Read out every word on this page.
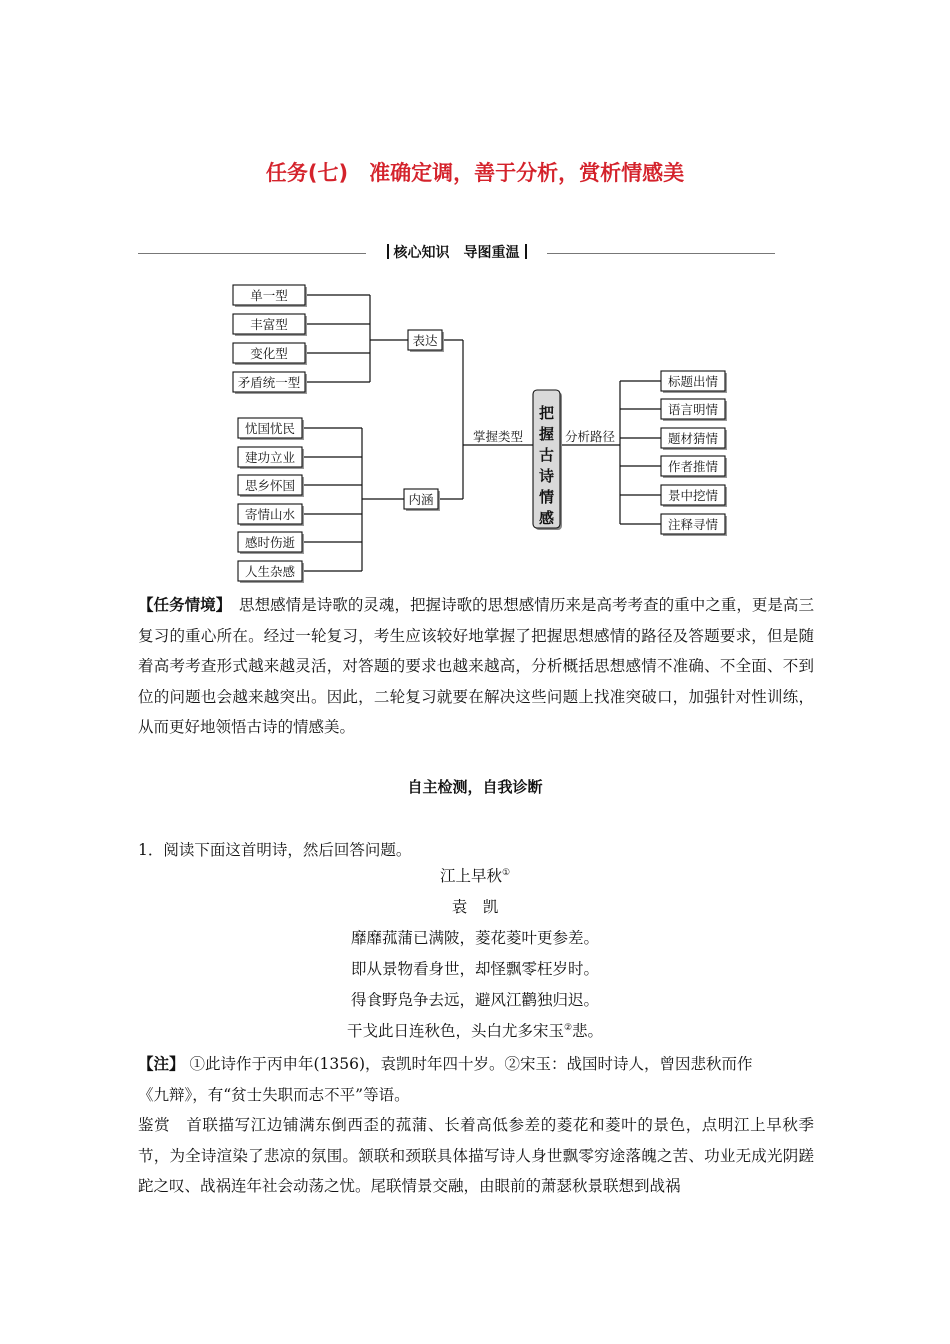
任务(七)　准确定调，善于分析，赏析情感美
核心知识　导图重温
单一型
丰富型
变化型
矛盾统一型
表达
忧国忧民
建功立业
思乡怀国
寄情山水
感时伤逝
人生杂感
内涵
掌握类型
把
握
古
诗
情
感
分析路径
标题出情
语言明情
题材猜情
作者推情
景中挖情
注释寻情
【任务情境】　 思想感情是诗歌的灵魂，把握诗歌的思想感情历来是高考考查的重中之重，更是高三复习的重心所在。经过一轮复习，考生应该较好地掌握了把握思想感情的路径及答题要求，但是随着高考考查形式越来越灵活，对答题的要求也越来越高，分析概括思想感情不准确、不全面、不到位的问题也会越来越突出。因此，二轮复习就要在解决这些问题上找准突破口，加强针对性训练，从而更好地领悟古诗的情感美。
自主检测，自我诊断
1．阅读下面这首明诗，然后回答问题。
江上早秋①
袁　凯
靡靡菰蒲已满陂，菱花菱叶更参差。
即从景物看身世，却怪飘零枉岁时。
得食野凫争去远，避风江鹳独归迟。
干戈此日连秋色，头白尤多宋玉②悲。
【注】 ①此诗作于丙申年(1356)，袁凯时年四十岁。②宋玉：战国时诗人，曾因悲秋而作
《九辩》，有“贫士失职而志不平”等语。
鉴赏　 首联描写江边铺满东倒西歪的菰蒲、长着高低参差的菱花和菱叶的景色，点明江上早秋季节，为全诗渲染了悲凉的氛围。颔联和颈联具体描写诗人身世飘零穷途落魄之苦、功业无成光阴蹉跎之叹、战祸连年社会动荡之忧。尾联情景交融，由眼前的萧瑟秋景联想到战祸
